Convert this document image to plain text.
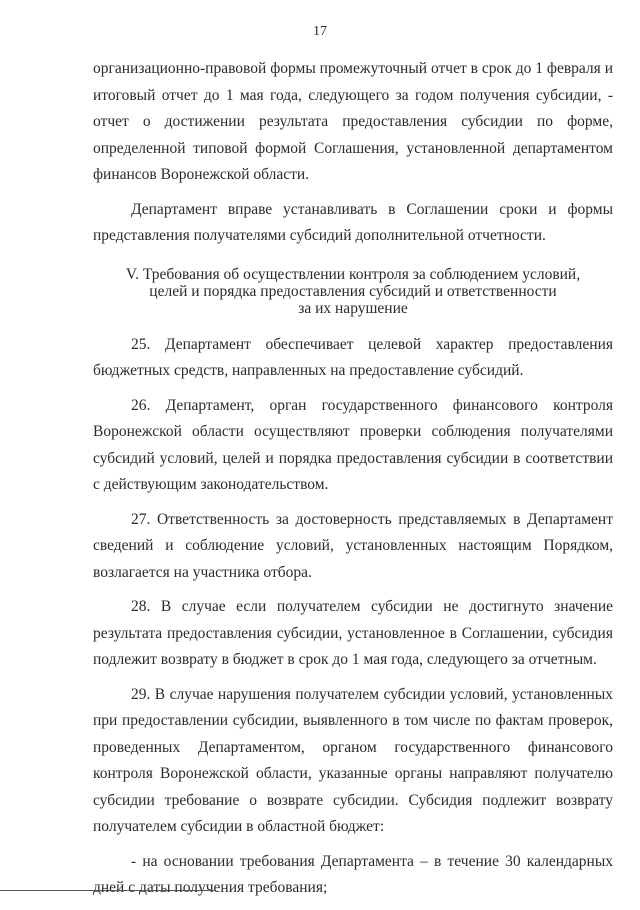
17

организационно-правовой формы промежуточный отчет в срок до 1 февраля и итоговый отчет до 1 мая года, следующего за годом получения субсидии, - отчет о достижении результата предоставления субсидии по форме, определенной типовой формой Соглашения, установленной департаментом финансов Воронежской области.

Департамент вправе устанавливать в Соглашении сроки и формы представления получателями субсидий дополнительной отчетности.

V. Требования об осуществлении контроля за соблюдением условий,
целей и порядка предоставления субсидий и ответственности
за их нарушение

25. Департамент обеспечивает целевой характер предоставления бюджетных средств, направленных на предоставление субсидий.

26. Департамент, орган государственного финансового контроля Воронежской области осуществляют проверки соблюдения получателями субсидий условий, целей и порядка предоставления субсидии в соответствии с действующим законодательством.

27. Ответственность за достоверность представляемых в Департамент сведений и соблюдение условий, установленных настоящим Порядком, возлагается на участника отбора.

28. В случае если получателем субсидии не достигнуто значение результата предоставления субсидии, установленное в Соглашении, субсидия подлежит возврату в бюджет в срок до 1 мая года, следующего за отчетным.

29. В случае нарушения получателем субсидии условий, установленных при предоставлении субсидии, выявленного в том числе по фактам проверок, проведенных Департаментом, органом государственного финансового контроля Воронежской области, указанные органы направляют получателю субсидии требование о возврате субсидии. Субсидия подлежит возврату получателем субсидии в областной бюджет:

- на основании требования Департамента – в течение 30 календарных дней с даты получения требования;
